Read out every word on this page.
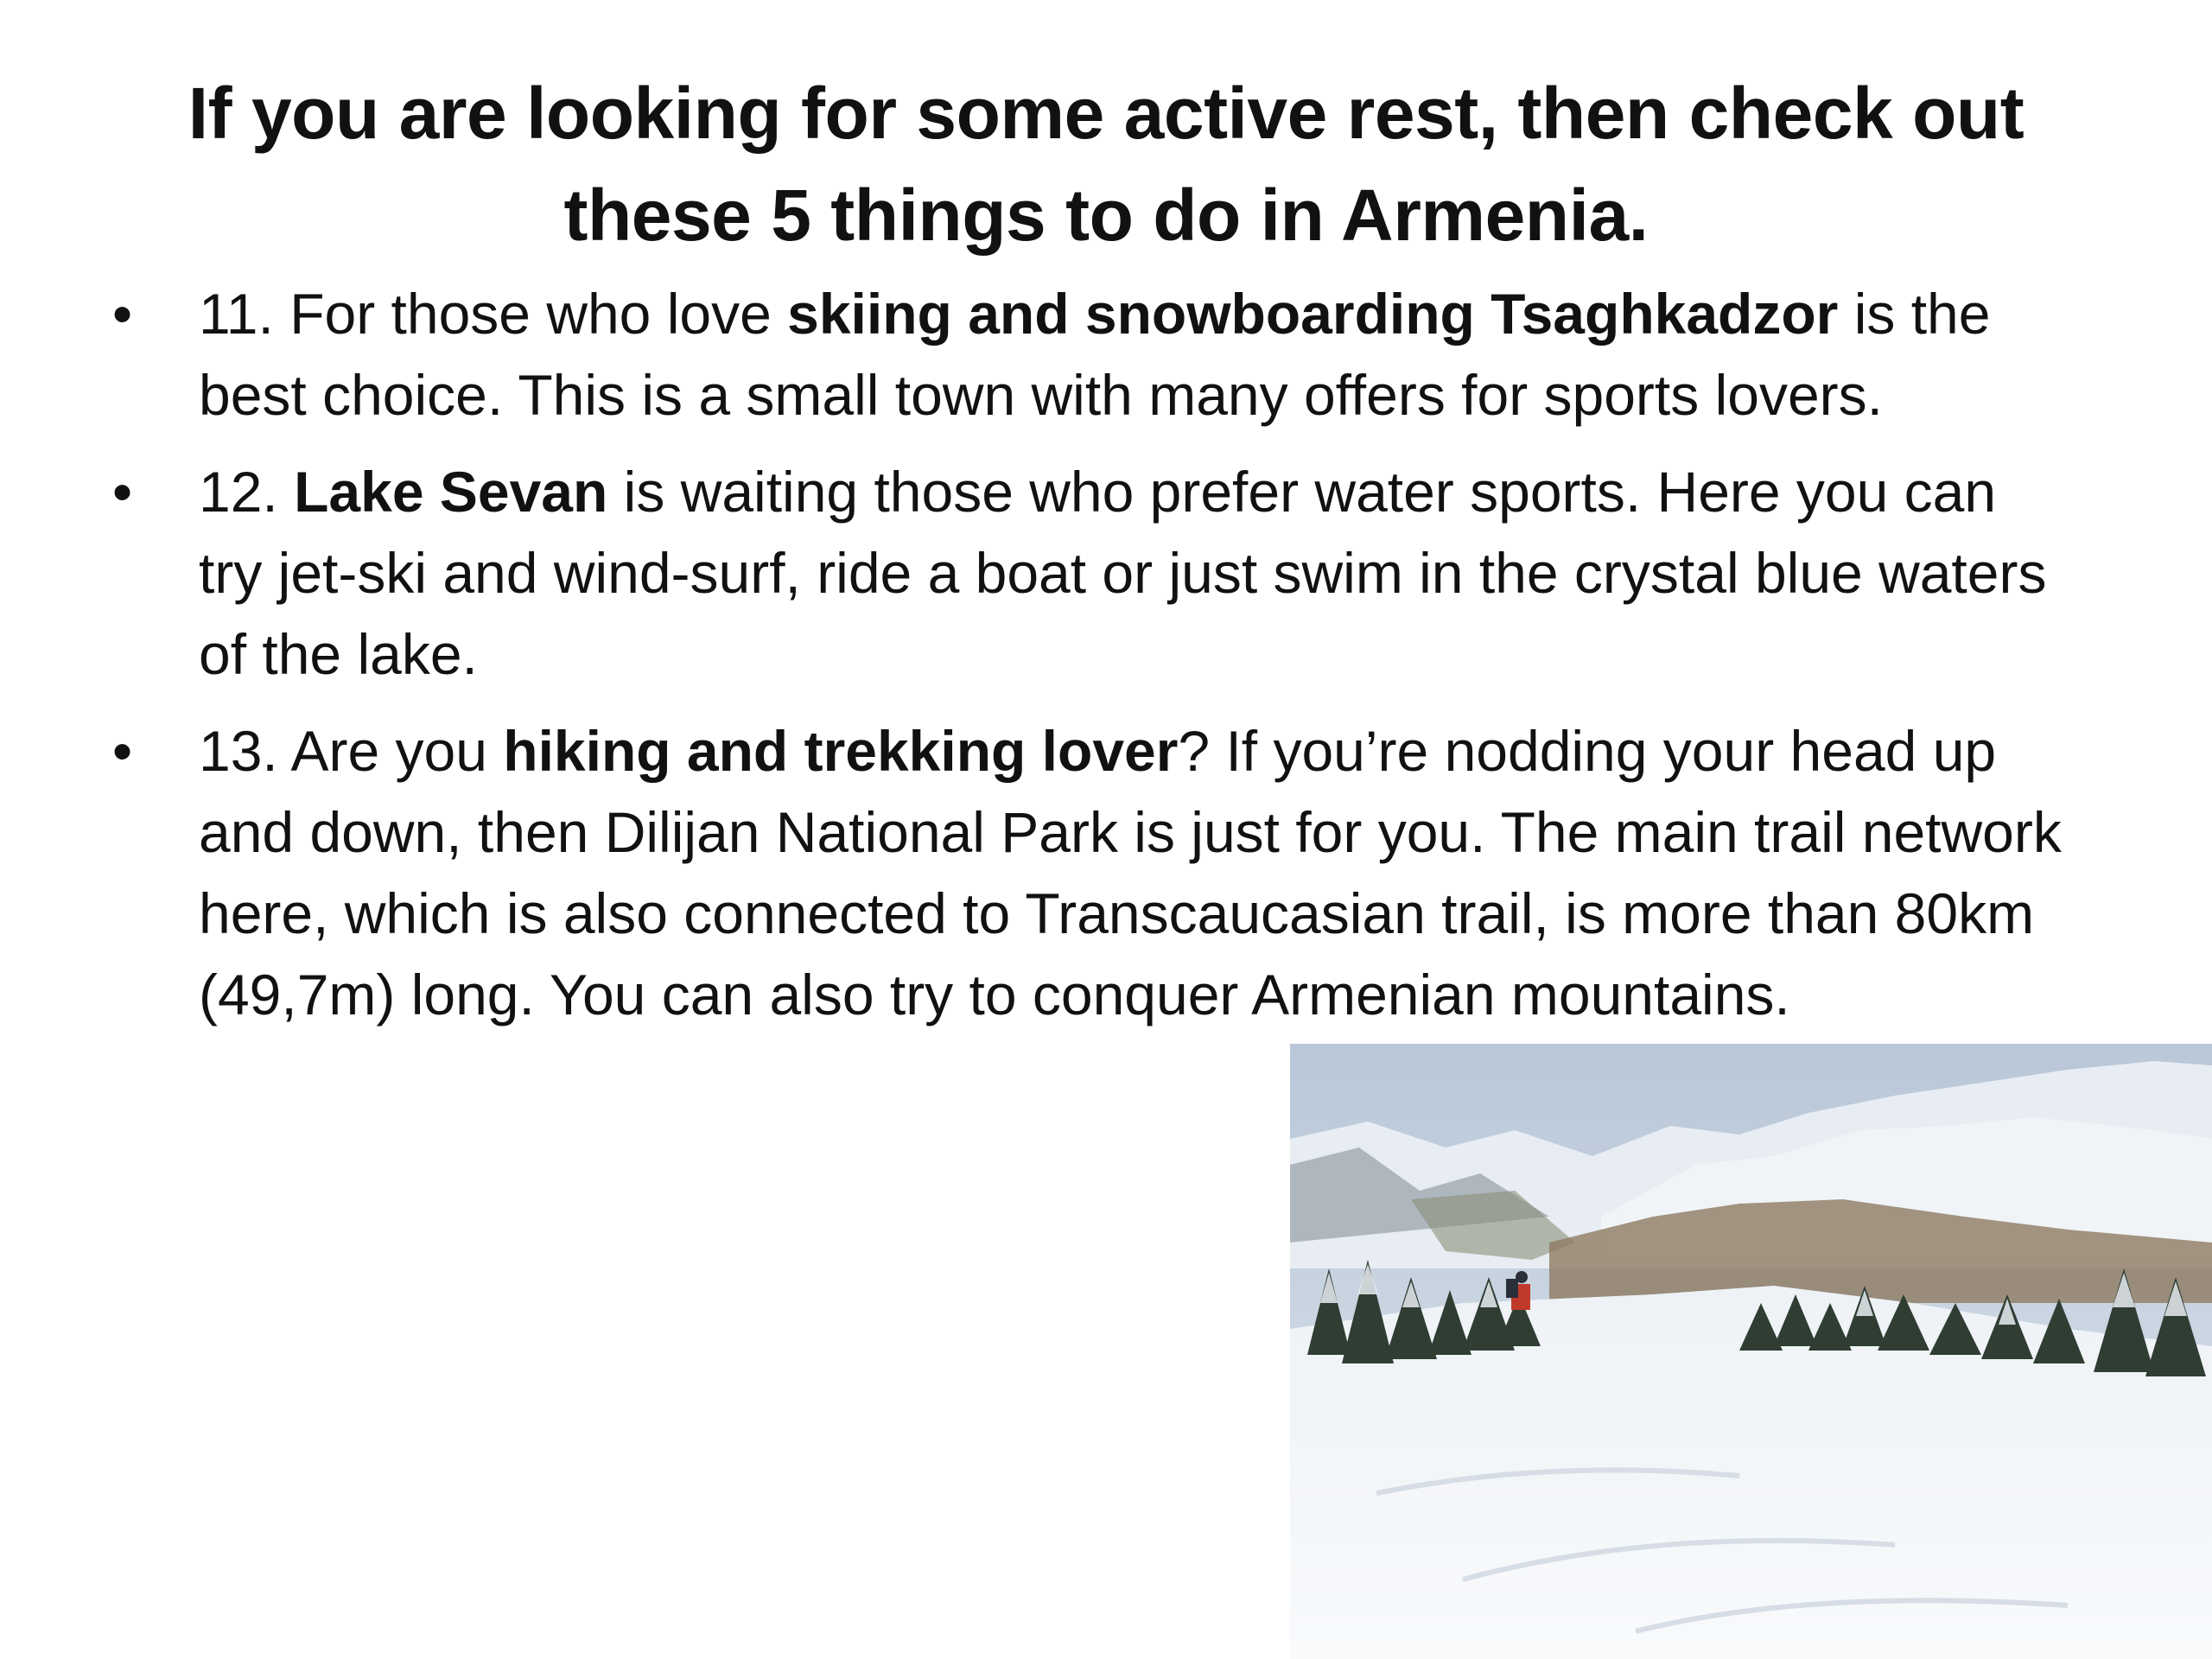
If you are looking for some active rest, then check out these 5 things to do in Armenia.
•
11. For those who love skiing and snowboarding Tsaghkadzor is the best choice. This is a small town with many offers for sports lovers.
•
12. Lake Sevan is waiting those who prefer water sports. Here you can try jet-ski and wind-surf, ride a boat or just swim in the crystal blue waters of the lake.
•
13. Are you hiking and trekking lover? If you’re nodding your head up and down, then Dilijan National Park is just for you. The main trail network here, which is also connected to Transcaucasian trail, is more than 80km (49,7m) long. You can also try to conquer Armenian mountains.
